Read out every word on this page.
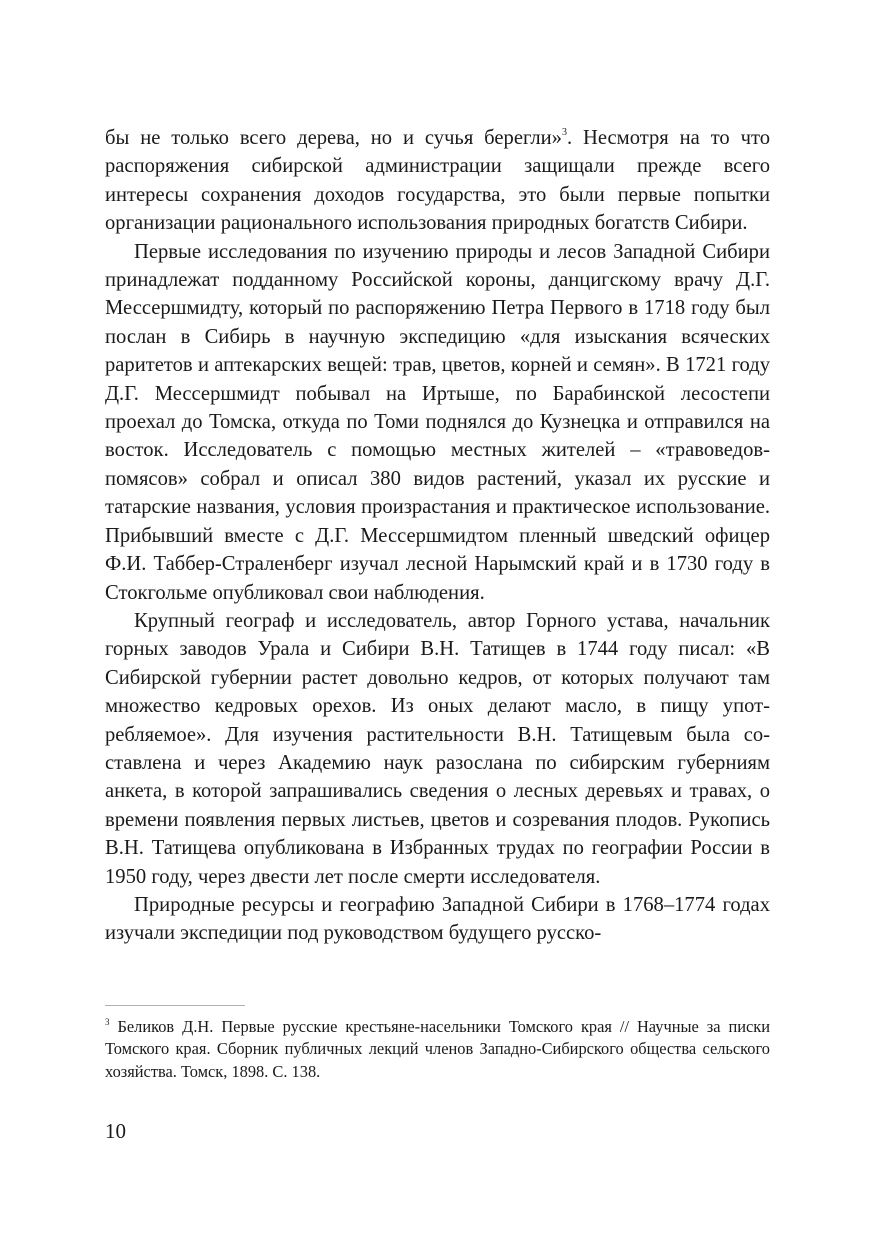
бы не только всего дерева, но и сучья берегли»$^3$. Несмотря на то что распоряжения сибирской администрации защищали прежде всего интересы сохранения доходов государства, это были первые попытки организации рационального использования природных богатств Сибири.

Первые исследования по изучению природы и лесов Западной Сибири принадлежат подданному Российской короны, данцигскому врачу Д.Г. Мессершмидту, который по распоряжению Петра Первого в 1718 году был послан в Сибирь в научную экспедицию «для изыскания всяческих раритетов и аптекарских вещей: трав, цветов, корней и семян». В 1721 году Д.Г. Мессершмидт побывал на Иртыше, по Барабинской лесостепи проехал до Томска, откуда по Томи поднялся до Кузнецка и отправился на восток. Исследователь с помощью местных жителей – «травоведов-помясов» собрал и описал 380 видов растений, указал их русские и татарские названия, условия произрастания и практическое использование. Прибывший вместе с Д.Г. Мессершмидтом пленный шведский офицер Ф.И. Таббер-Страленберг изучал лесной Нарымский край и в 1730 году в Стокгольме опубликовал свои наблюдения.

Крупный географ и исследователь, автор Горного устава, начальник горных заводов Урала и Сибири В.Н. Татищев в 1744 году писал: «В Сибирской губернии растет довольно кедров, от которых получают там множество кедровых орехов. Из оных делают масло, в пищу употребляемое». Для изучения растительности В.Н. Татищевым была составлена и через Академию наук разослана по сибирским губерниям анкета, в которой запрашивались сведения о лесных деревьях и травах, о времени появления первых листьев, цветов и созревания плодов. Рукопись В.Н. Татищева опубликована в Избранных трудах по географии России в 1950 году, через двести лет после смерти исследователя.

Природные ресурсы и географию Западной Сибири в 1768–1774 годах изучали экспедиции под руководством будущего русско-

$^3$ Беликов Д.Н. Первые русские крестьяне-насельники Томского края // Научные за писки Томского края. Сборник публичных лекций членов Западно-Сибирского общества сельского хозяйства. Томск, 1898. С. 138.

10
